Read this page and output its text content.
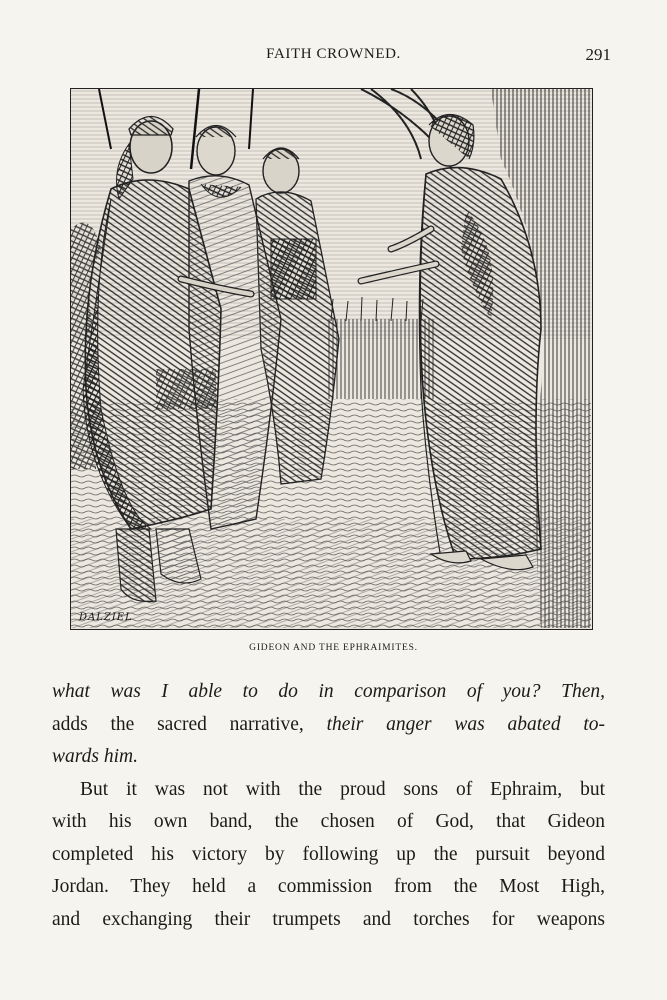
FAITH CROWNED.	291
DALZIEL
GIDEON AND THE EPHRAIMITES.
what was I able to do in comparison of you? Then,
adds the sacred narrative, their anger was abated to-
wards him.
But it was not with the proud sons of Ephraim, but
with his own band, the chosen of God, that Gideon
completed his victory by following up the pursuit beyond
Jordan. They held a commission from the Most High,
and exchanging their trumpets and torches for weapons
